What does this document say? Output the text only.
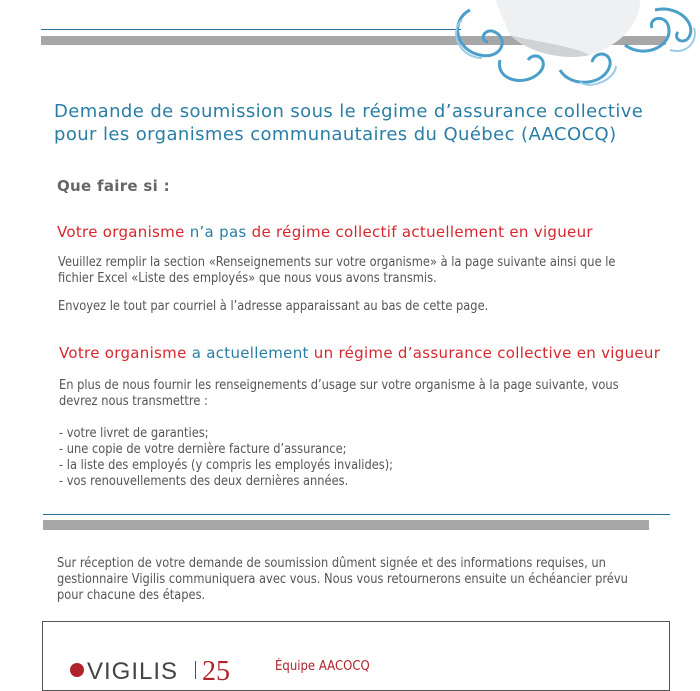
Demande de soumission sous le régime d’assurance collective
pour les organismes communautaires du Québec (AACOCQ)

Que faire si :

Votre organisme n’a pas de régime collectif actuellement en vigueur

Veuillez remplir la section «Renseignements sur votre organisme» à la page suivante ainsi que le fichier Excel «Liste des employés» que nous vous avons transmis.

Envoyez le tout par courriel à l’adresse apparaissant au bas de cette page.

Votre organisme a actuellement un régime d’assurance collective en vigueur

En plus de nous fournir les renseignements d’usage sur votre organisme à la page suivante, vous devrez nous transmettre :

- votre livret de garanties;
- une copie de votre dernière facture d’assurance;
- la liste des employés (y compris les employés invalides);
- vos renouvellements des deux dernières années.

Sur réception de votre demande de soumission dûment signée et des informations requises, un gestionnaire Vigilis communiquera avec vous. Nous vous retournerons ensuite un échéancier prévu pour chacune des étapes.

VIGILIS 25	Équipe AACOCQ
